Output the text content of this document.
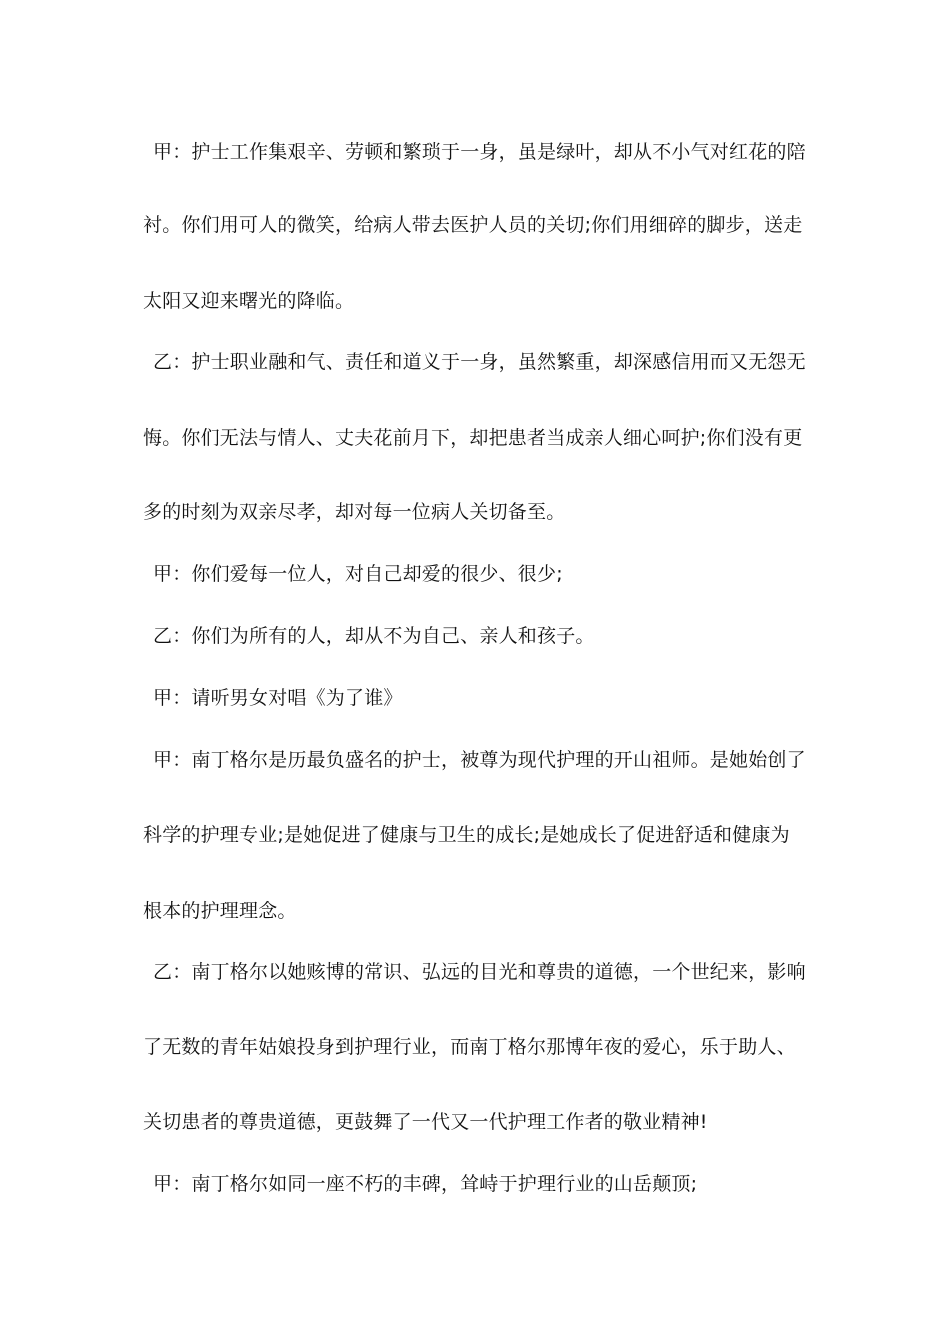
甲：护士工作集艰辛、劳顿和繁琐于一身，虽是绿叶，却从不小气对红花的陪
衬。你们用可人的微笑，给病人带去医护人员的关切;你们用细碎的脚步，送走
太阳又迎来曙光的降临。
乙：护士职业融和气、责任和道义于一身，虽然繁重，却深感信用而又无怨无
悔。你们无法与情人、丈夫花前月下，却把患者当成亲人细心呵护;你们没有更
多的时刻为双亲尽孝，却对每一位病人关切备至。
甲：你们爱每一位人，对自己却爱的很少、很少;
乙：你们为所有的人，却从不为自己、亲人和孩子。
甲：请听男女对唱《为了谁》
甲：南丁格尔是历最负盛名的护士，被尊为现代护理的开山祖师。是她始创了
科学的护理专业;是她促进了健康与卫生的成长;是她成长了促进舒适和健康为
根本的护理理念。
乙：南丁格尔以她赅博的常识、弘远的目光和尊贵的道德，一个世纪来，影响
了无数的青年姑娘投身到护理行业，而南丁格尔那博年夜的爱心，乐于助人、
关切患者的尊贵道德，更鼓舞了一代又一代护理工作者的敬业精神!
甲：南丁格尔如同一座不朽的丰碑，耸峙于护理行业的山岳颠顶;
